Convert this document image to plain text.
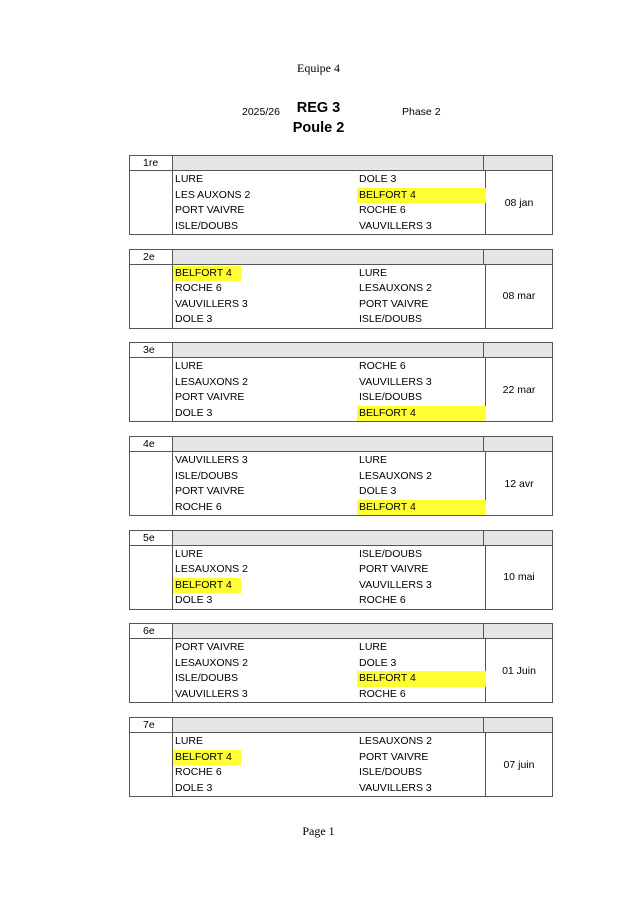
Equipe 4
2025/26	REG 3	Phase 2
Poule 2
1re
LURE
LES AUXONS 2
PORT VAIVRE
ISLE/DOUBS
DOLE 3
BELFORT 4
ROCHE 6
VAUVILLERS 3
08 jan
2e
BELFORT 4
ROCHE 6
VAUVILLERS 3
DOLE 3
LURE
LESAUXONS 2
PORT VAIVRE
ISLE/DOUBS
08 mar
3e
LURE
LESAUXONS 2
PORT VAIVRE
DOLE 3
ROCHE 6
VAUVILLERS 3
ISLE/DOUBS
BELFORT 4
22 mar
4e
VAUVILLERS 3
ISLE/DOUBS
PORT VAIVRE
ROCHE 6
LURE
LESAUXONS 2
DOLE 3
BELFORT 4
12 avr
5e
LURE
LESAUXONS 2
BELFORT 4
DOLE 3
ISLE/DOUBS
PORT VAIVRE
VAUVILLERS 3
ROCHE 6
10 mai
6e
PORT VAIVRE
LESAUXONS 2
ISLE/DOUBS
VAUVILLERS 3
LURE
DOLE 3
BELFORT 4
ROCHE 6
01 Juin
7e
LURE
BELFORT 4
ROCHE 6
DOLE 3
LESAUXONS 2
PORT VAIVRE
ISLE/DOUBS
VAUVILLERS 3
07 juin
Page 1
